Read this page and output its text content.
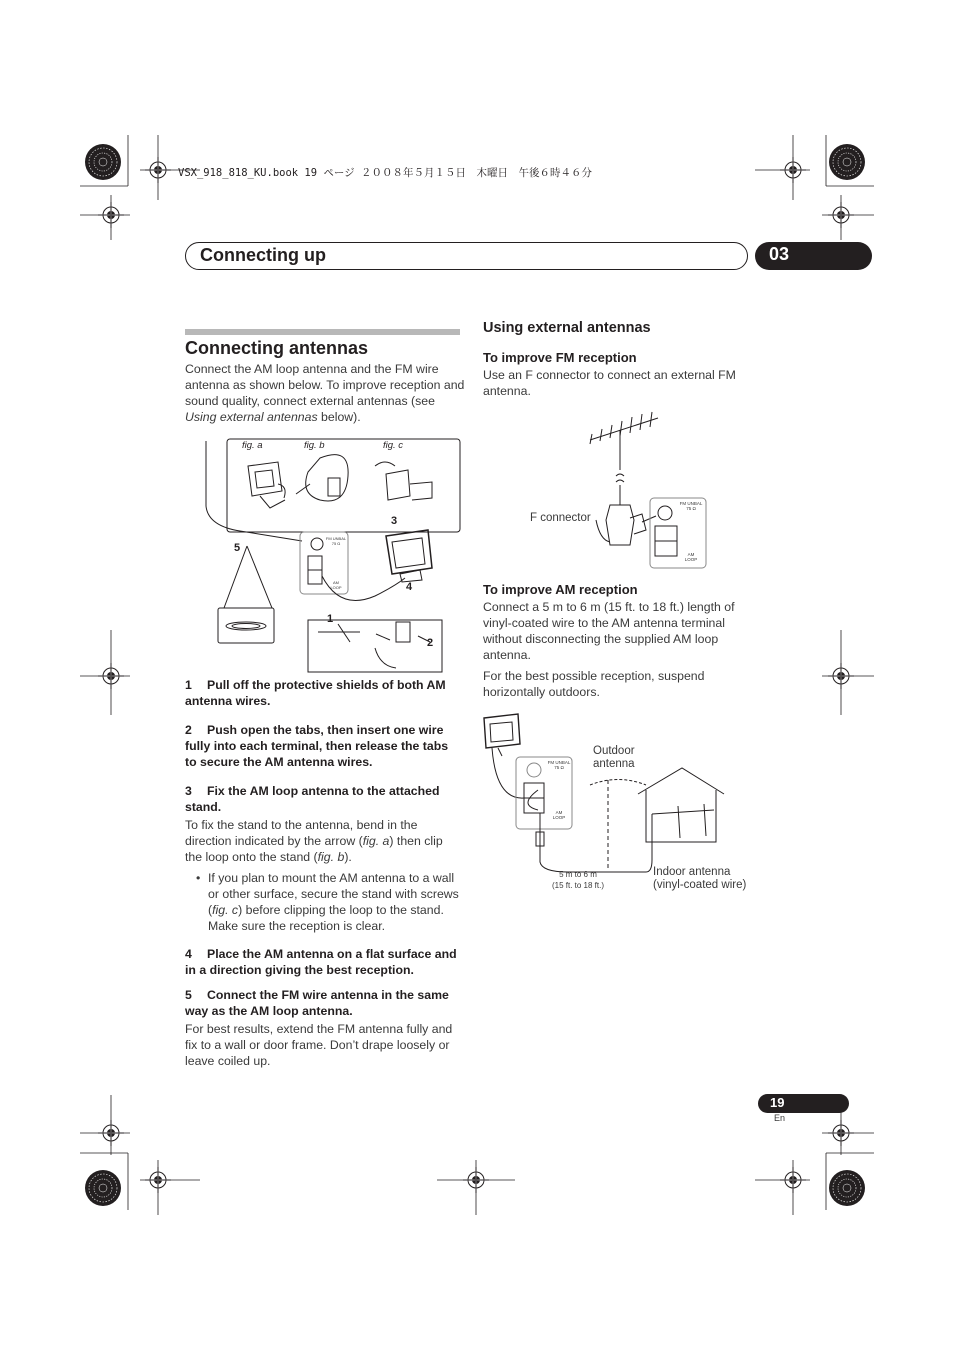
VSX_918_818_KU.book 19 ページ ２００８年５月１５日　木曜日　午後６時４６分
Connecting up	03
Connecting antennas

Connect the AM loop antenna and the FM wire antenna as shown below. To improve reception and sound quality, connect external antennas (see Using external antennas below).

fig. a	fig. b	fig. c
1
2
3
4
5
FM UNBAL
75 Ω
AM
LOOP

1 Pull off the protective shields of both AM antenna wires.

2 Push open the tabs, then insert one wire fully into each terminal, then release the tabs to secure the AM antenna wires.

3 Fix the AM loop antenna to the attached stand.

To fix the stand to the antenna, bend in the direction indicated by the arrow (fig. a) then clip the loop onto the stand (fig. b).

• If you plan to mount the AM antenna to a wall or other surface, secure the stand with screws (fig. c) before clipping the loop to the stand. Make sure the reception is clear.

4 Place the AM antenna on a flat surface and in a direction giving the best reception.

5 Connect the FM wire antenna in the same way as the AM loop antenna.

For best results, extend the FM antenna fully and fix to a wall or door frame. Don’t drape loosely or leave coiled up.

Using external antennas
To improve FM reception

Use an F connector to connect an external FM antenna.

FM UNBAL
75 Ω
AM
LOOP
F connector
To improve AM reception

Connect a 5 m to 6 m (15 ft. to 18 ft.) length of vinyl-coated wire to the AM antenna terminal without disconnecting the supplied AM loop antenna.

For the best possible reception, suspend horizontally outdoors.

FM UNBAL
75 Ω
AM
LOOP
Outdoor
antenna
5 m to 6 m
(15 ft. to 18 ft.)
Indoor antenna
(vinyl-coated wire)
19
En
